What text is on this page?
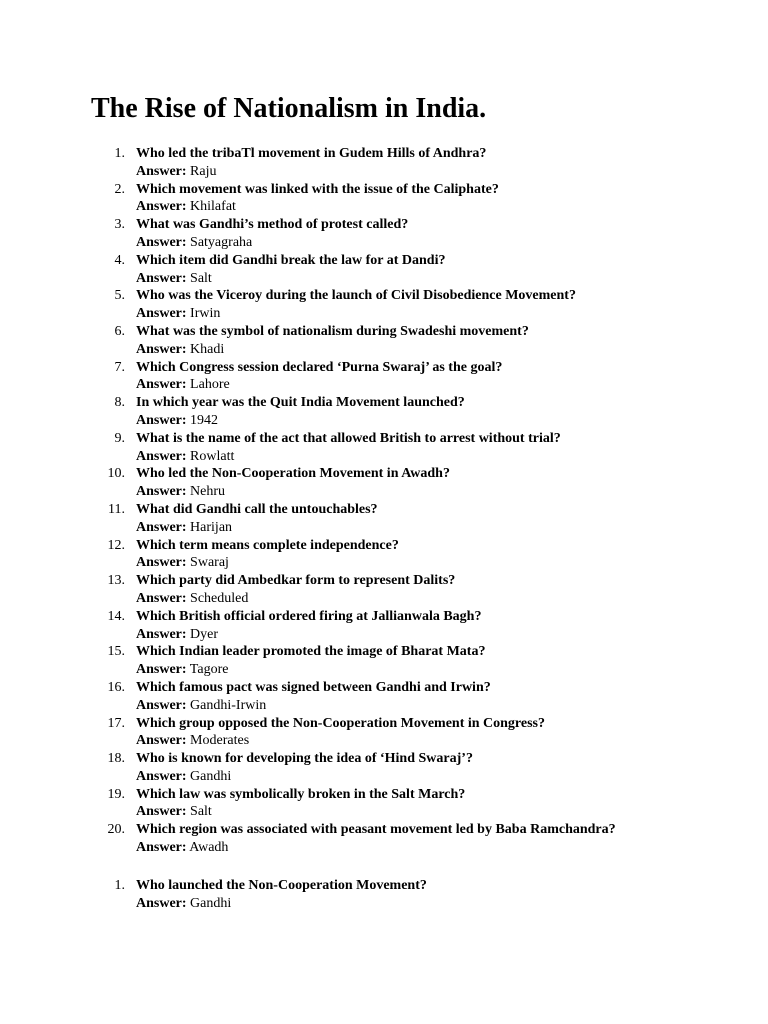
The Rise of Nationalism in India.
1. Who led the tribaTl movement in Gudem Hills of Andhra?
Answer: Raju
2. Which movement was linked with the issue of the Caliphate?
Answer: Khilafat
3. What was Gandhi’s method of protest called?
Answer: Satyagraha
4. Which item did Gandhi break the law for at Dandi?
Answer: Salt
5. Who was the Viceroy during the launch of Civil Disobedience Movement?
Answer: Irwin
6. What was the symbol of nationalism during Swadeshi movement?
Answer: Khadi
7. Which Congress session declared ‘Purna Swaraj’ as the goal?
Answer: Lahore
8. In which year was the Quit India Movement launched?
Answer: 1942
9. What is the name of the act that allowed British to arrest without trial?
Answer: Rowlatt
10. Who led the Non-Cooperation Movement in Awadh?
Answer: Nehru
11. What did Gandhi call the untouchables?
Answer: Harijan
12. Which term means complete independence?
Answer: Swaraj
13. Which party did Ambedkar form to represent Dalits?
Answer: Scheduled
14. Which British official ordered firing at Jallianwala Bagh?
Answer: Dyer
15. Which Indian leader promoted the image of Bharat Mata?
Answer: Tagore
16. Which famous pact was signed between Gandhi and Irwin?
Answer: Gandhi-Irwin
17. Which group opposed the Non-Cooperation Movement in Congress?
Answer: Moderates
18. Who is known for developing the idea of ‘Hind Swaraj’?
Answer: Gandhi
19. Which law was symbolically broken in the Salt March?
Answer: Salt
20. Which region was associated with peasant movement led by Baba Ramchandra?
Answer: Awadh
1. Who launched the Non-Cooperation Movement?
Answer: Gandhi
